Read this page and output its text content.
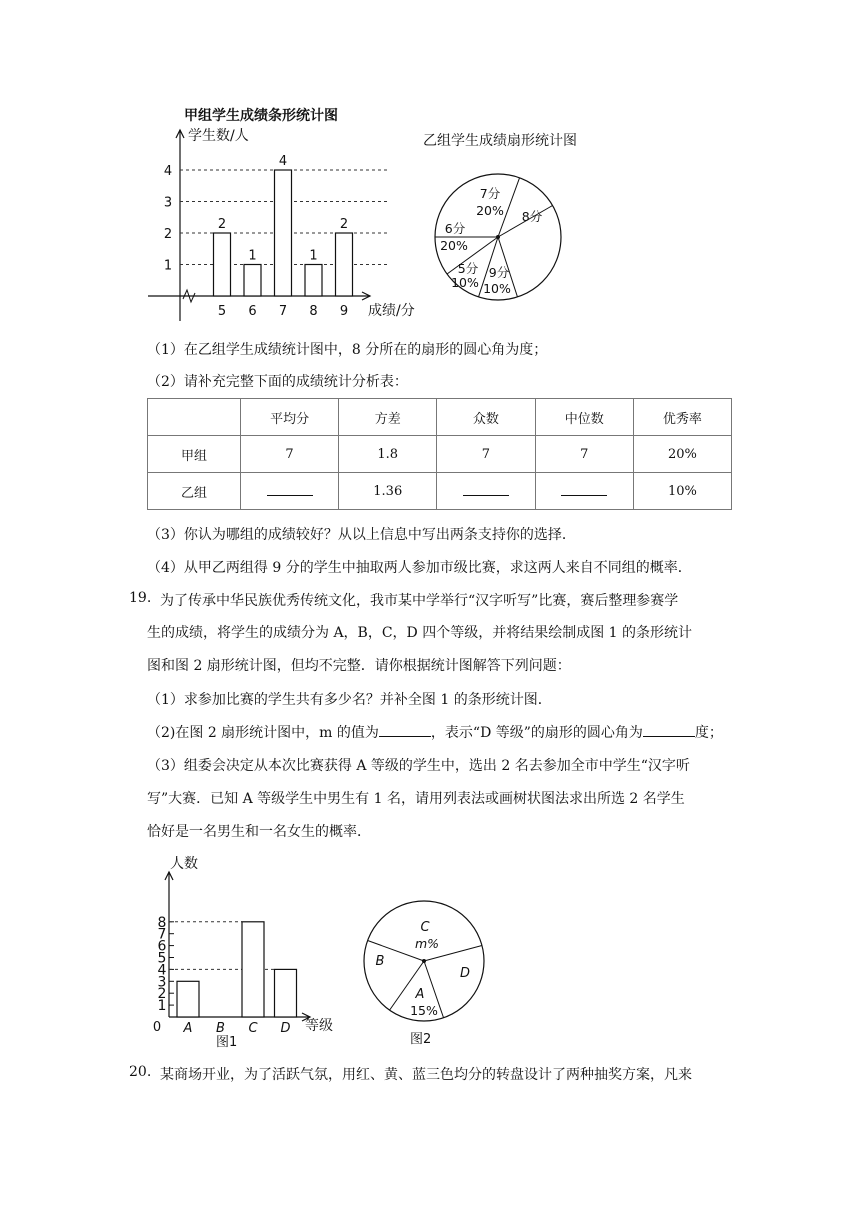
甲组学生成绩条形统计图
学生数/人
1
2
3
4
2
5
1
6
4
7
1
8
2
9 成绩/分
乙组学生成绩扇形统计图
8分
7分
20%
6分
20%
5分
10%
9分
10%
（1）在乙组学生成绩统计图中，8 分所在的扇形的圆心角为度；
（2）请补充完整下面的成绩统计分析表：
	平均分	方差	众数	中位数	优秀率
甲组	7	1.8	7	7	20%
乙组		1.36			10%
（3）你认为哪组的成绩较好？从以上信息中写出两条支持你的选择．
（4）从甲乙两组得 9 分的学生中抽取两人参加市级比赛，求这两人来自不同组的概率．
19. 为了传承中华民族优秀传统文化，我市某中学举行“汉字听写”比赛，赛后整理参赛学
生的成绩，将学生的成绩分为 A，B，C，D 四个等级，并将结果绘制成图 1 的条形统计
图和图 2 扇形统计图，但均不完整．请你根据统计图解答下列问题：
（1）求参加比赛的学生共有多少名？并补全图 1 的条形统计图．
（2)在图 2 扇形统计图中，m 的值为	，表示“D 等级”的扇形的圆心角为	度；
（3）组委会决定从本次比赛获得 A 等级的学生中，选出 2 名去参加全市中学生“汉字听
写”大赛．已知 A 等级学生中男生有 1 名，请用列表法或画树状图法求出所选 2 名学生
恰好是一名男生和一名女生的概率．
人数
0
1
2
3
4
5
6
7
8
A B C D 等级
图1
C
m%
B
A
15%
D
图2
20. 某商场开业，为了活跃气氛，用红、黄、蓝三色均分的转盘设计了两种抽奖方案，凡来
